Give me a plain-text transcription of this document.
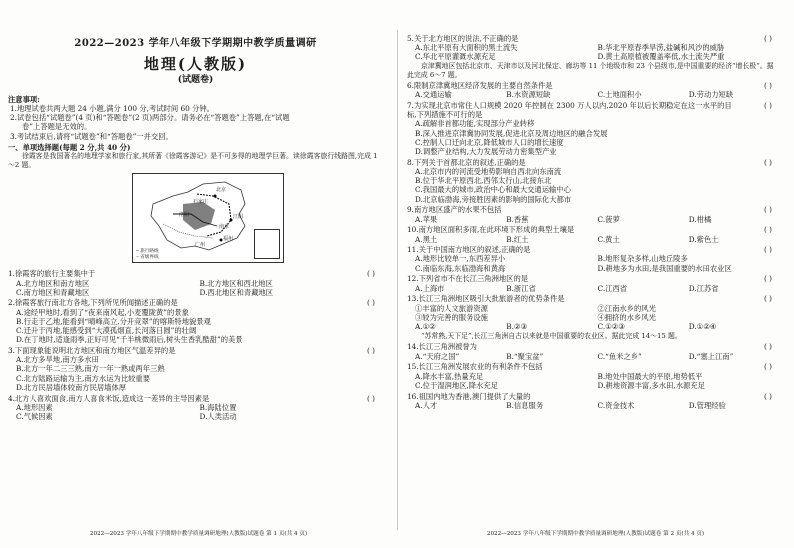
2022—2023 学年八年级下学期期中教学质量调研
地理(人教版)
(试题卷)
注意事项:
1.地理试卷共两大题 24 小题,满分 100 分,考试时间 60 分钟。
2.试卷包括“试题卷”(4 页)和“答题卷”(2 页)两部分。请务必在“答题卷”上答题,在“试题
卷”上答题是无效的。
3.考试结束后,请将“试题卷”和“答题卷”一并交回。
一、单项选择题(每题 2 分,共 40 分)
徐霞客是我国著名的地理学家和旅行家,其所著《徐霞客游记》是不可多得的地理学巨著。读徐霞客旅行线路图,完成 1～2 题。
北京
石家庄
江阴
洛阳
南京
福州
广州
─ 旅行路线
┄ 省级界线
1.徐霞客的旅行主要集中于	( )
A.北方地区和南方地区	B.北方地区和西北地区
C.南方地区和青藏地区	D.西北地区和青藏地区
2.徐霞客旅行南北方各地,下列所见所闻描述正确的是	( )
A.途经甲地时,看到了“夜来南风起,小麦覆陇黄”的景象
B.行走于乙地,能看到“晴峰高立,分开竞翠”的喀斯特地貌景观
C.迁升于丙地,能感受到“大漠孤烟直,长河落日圆”的壮阔
D.在丁地时,适逢雨季,正好可见“千半桃微雨后,树头生香乳酷甜”的美景
3.下面现象能说明北方地区和南方地区气温差异的是	( )
A.北方多旱地,南方多水田
B.北方一年二三三熟,南方一年一熟或两年三熟
C.北方陆路运输为主,南方水运为比较重要
D.北方民居墙体较南方民居墙体厚
4.北方人喜欢面食,南方人喜食米饭,造成这一差异的主导因素是	( )
A.地形因素	B.海陆位置
C.气候因素	D.人类活动
2022—2023 学年八年级下学期期中教学质量调研地理(人教版)试题卷 第 1 页(共 4 页)
5.关于北方地区的说法,不正确的是	( )
A.东北平原有大面积的黑土流失	B.华北平原春季旱涝,盐碱和风沙的威胁
C.华北平原灌溉水源充足	D.黄土高原植被覆盖率低,水土流失严重
京津冀地区包括北京市、天津市以及河北保定、廊坊等 11 个地级市和 23 个县级市,是中国重要的经济“增长极”。据此完成 6～7 题。
6.限制京津冀地区经济发展的主要自然条件是	( )
A.交通运输	B.水资源短缺	C.土地面积小	D.劳动力短缺
7.为实现北京市常住人口规模 2020 年控制在 2300 万人以内,2020 年以后长期稳定在这一水平的目标,下列措施不可行的是
( )
A.疏解非首都功能,实现部分产业转移
B.深入推进京津冀协同发展,促进北京及周边地区的融合发展
C.控制人口迁向北京,降低城市人口的增长速度
D.调整产业结构,大力发展劳动力密集型产业
8.下列关于首都北京的叙述,正确的是	( )
A.北京市内的河流受地势影响自西北向东南流
B.位于华北平原西北,西邻太行山,北接东北
C.我国最大的城市,政治中心和最大交通运输中心
D.北京临渤海,旁接胜因素的影响的国际化大都市
9.南方地区盛产的水果不包括	( )
A.苹果	B.香蕉	C.菠萝	D.柑橘
10.南方地区面积多雨,在此环境下形成的典型土壤是	( )
A.黑土	B.红土	C.黄土	D.紫色土
11.关于中国南方地区的叙述,正确的是	( )
A.地形比较单一,东西差异小	B.地形复杂多样,山地丘陵多
C.南临东海,东临渤海和黄海	D.耕地多为水田,是我国重要的水田农业区
12.下列省市不在长江三角洲地区的是	( )
A.上海市	B.浙江省	C.江西省	D.江苏省
13.长江三角洲地区吸引大批旅游者的优势条件是	( )
①丰富的人文旅游资源	②江南水乡的风光
③较为完善的服务设施	④拥挤的水乡风光
A.①②	B.②③	C.①②③	D.①②④
“苏常熟,天下足”,长江三角洲自古以来就是中国重要的农业区。据此完成 14～15 题。
14.长江三角洲被誉为	( )
A.“天府之国”	B.“聚宝盆”	C.“鱼米之乡”	D.“塞上江南”
15.长江三角洲发展农业的有利条件不包括	( )
A.降水丰富,热量充足	B.地处中国最大的平原,地势低平
C.位于湿润地区,降水充足	D.耕地资源丰富,多水田,水源充足
16.祖国内地为香港,澳门提供了大量的	( )
A.人才	B.信息服务	C.资金技术	D.管理经验
2022—2023 学年八年级下学期期中教学质量调研地理(人教版)试题卷 第 2 页(共 4 页)
